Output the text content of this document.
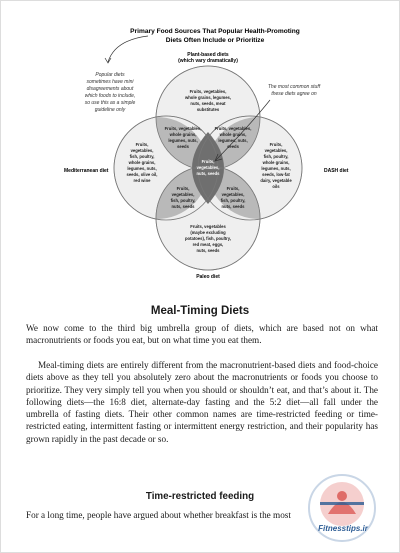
Primary Food Sources That Popular Health-Promoting
Diets Often Include or Prioritize
Plant-based diets
(which vary dramatically)
Mediterranean diet	DASH diet
Paleo diet
Popular diets
sometimes have mini
disagreements about
which foods to include,
so use this as a simple
guideline only
The most common stuff
these diets agree on
Fruits, vegetables,
whole grains, legumes,
nuts, seeds, meat
substitutes
Fruits,
vegetables,
fish, poultry,
whole grains,
legumes, nuts,
seeds, olive oil,
red wine
Fruits,
vegetables,
fish, poultry,
whole grains,
legumes, nuts,
seeds, low-fat
dairy, vegetable
oils
Fruits, vegetables
(maybe excluding
potatoes), fish, poultry,
red meat, eggs,
nuts, seeds
Fruits, vegetables,
whole grains,
legumes, nuts,
seeds
Fruits, vegetables,
whole grains,
legumes, nuts,
seeds
Fruits,
vegetables,
fish, poultry,
nuts, seeds
Fruits,
vegetables,
fish, poultry,
nuts, seeds
Fruits,
vegetables,
nuts, seeds
Meal-Timing Diets

We now come to the third big umbrella group of diets, which are based not on what macronutrients or foods you eat, but on what time you eat them.

Meal-timing diets are entirely different from the macronutrient-based diets and food-choice diets above as they tell you absolutely zero about the macronutrients or foods you choose to prioritize. They very simply tell you when you should or shouldn’t eat, and that’s about it. The following diets—the 16:8 diet, alternate-day fasting and the 5:2 diet—all fall under the umbrella of fasting diets. Their other common names are time-restricted feeding or time-restricted eating, intermittent fasting or intermittent energy restriction, and their popularity has grown rapidly in the past decade or so.

Time-restricted feeding

For a long time, people have argued about whether breakfast is the most

Fitnesstips.ir
